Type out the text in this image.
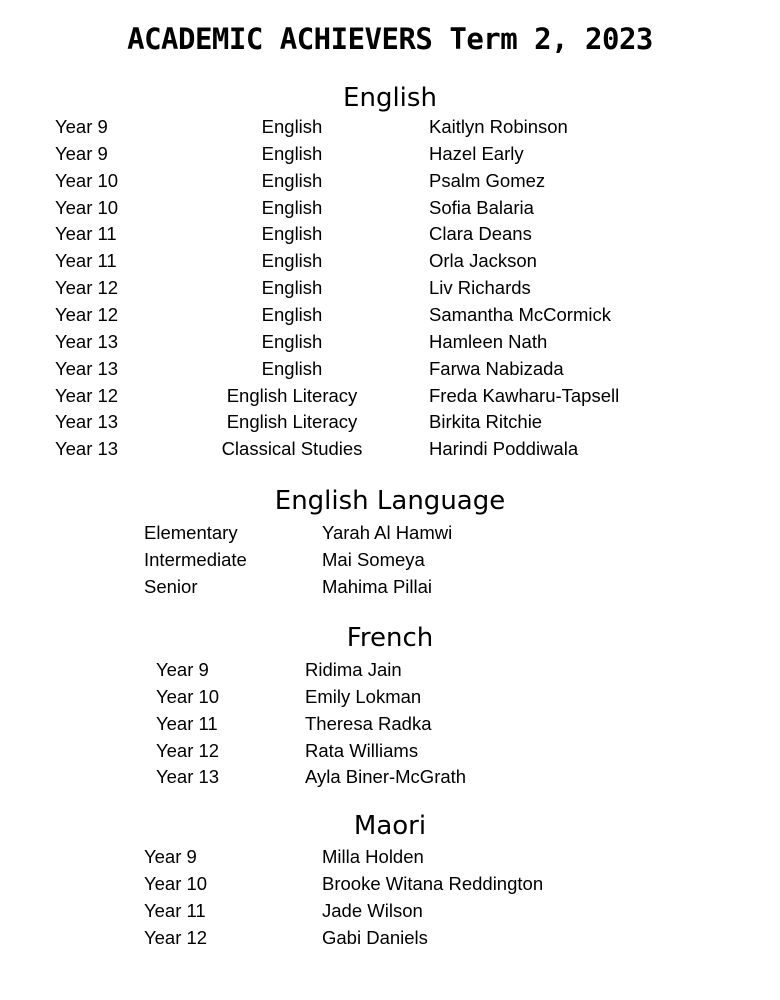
ACADEMIC ACHIEVERS Term 2, 2023
English
Year 9	English	Kaitlyn Robinson
Year 9	English	Hazel Early
Year 10	English	Psalm Gomez
Year 10	English	Sofia Balaria
Year 11	English	Clara Deans
Year 11	English	Orla Jackson
Year 12	English	Liv Richards
Year 12	English	Samantha McCormick
Year 13	English	Hamleen Nath
Year 13	English	Farwa Nabizada
Year 12	English Literacy	Freda Kawharu-Tapsell
Year 13	English Literacy	Birkita Ritchie
Year 13	Classical Studies	Harindi Poddiwala
English Language
Elementary	Yarah Al Hamwi
Intermediate	Mai Someya
Senior	Mahima Pillai
French
Year 9	Ridima Jain
Year 10	Emily Lokman
Year 11	Theresa Radka
Year 12	Rata Williams
Year 13	Ayla Biner-McGrath
Maori
Year 9	Milla Holden
Year 10	Brooke Witana Reddington
Year 11	Jade Wilson
Year 12	Gabi Daniels
